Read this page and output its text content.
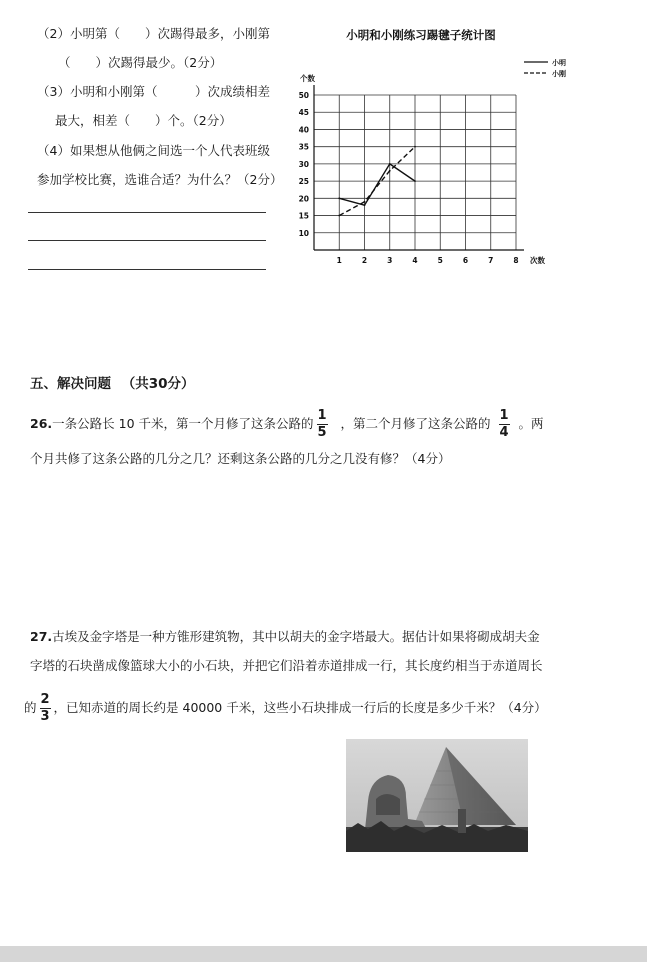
（2）小明第（　　）次踢得最多，小刚第
（　　）次踢得最少。（2分）
（3）小明和小刚第（　　　）次成绩相差
最大，相差（　　）个。（2分）
（4）如果想从他俩之间选一个人代表班级
参加学校比赛，选谁合适？为什么？（2分）
小明和小刚练习踢毽子统计图
10
15
20
25
30
35
40
45
50
1	2	3	4	5	6	7	8
个数
次数
小明
小刚
五、解决问题 （共30分）
26.一条公路长 10 千米，第一个月修了这条公路的 $\frac{1}{5}$ ，第二个月修了这条公路的 $\frac{1}{4}$ 。两
个月共修了这条公路的几分之几？还剩这条公路的几分之几没有修？（4分）
27.古埃及金字塔是一种方锥形建筑物，其中以胡夫的金字塔最大。据估计如果将砌成胡夫金
字塔的石块凿成像篮球大小的小石块，并把它们沿着赤道排成一行，其长度约相当于赤道周长
的 $\frac{2}{3}$ ，已知赤道的周长约是 40000 千米，这些小石块排成一行后的长度是多少千米？（4分）
